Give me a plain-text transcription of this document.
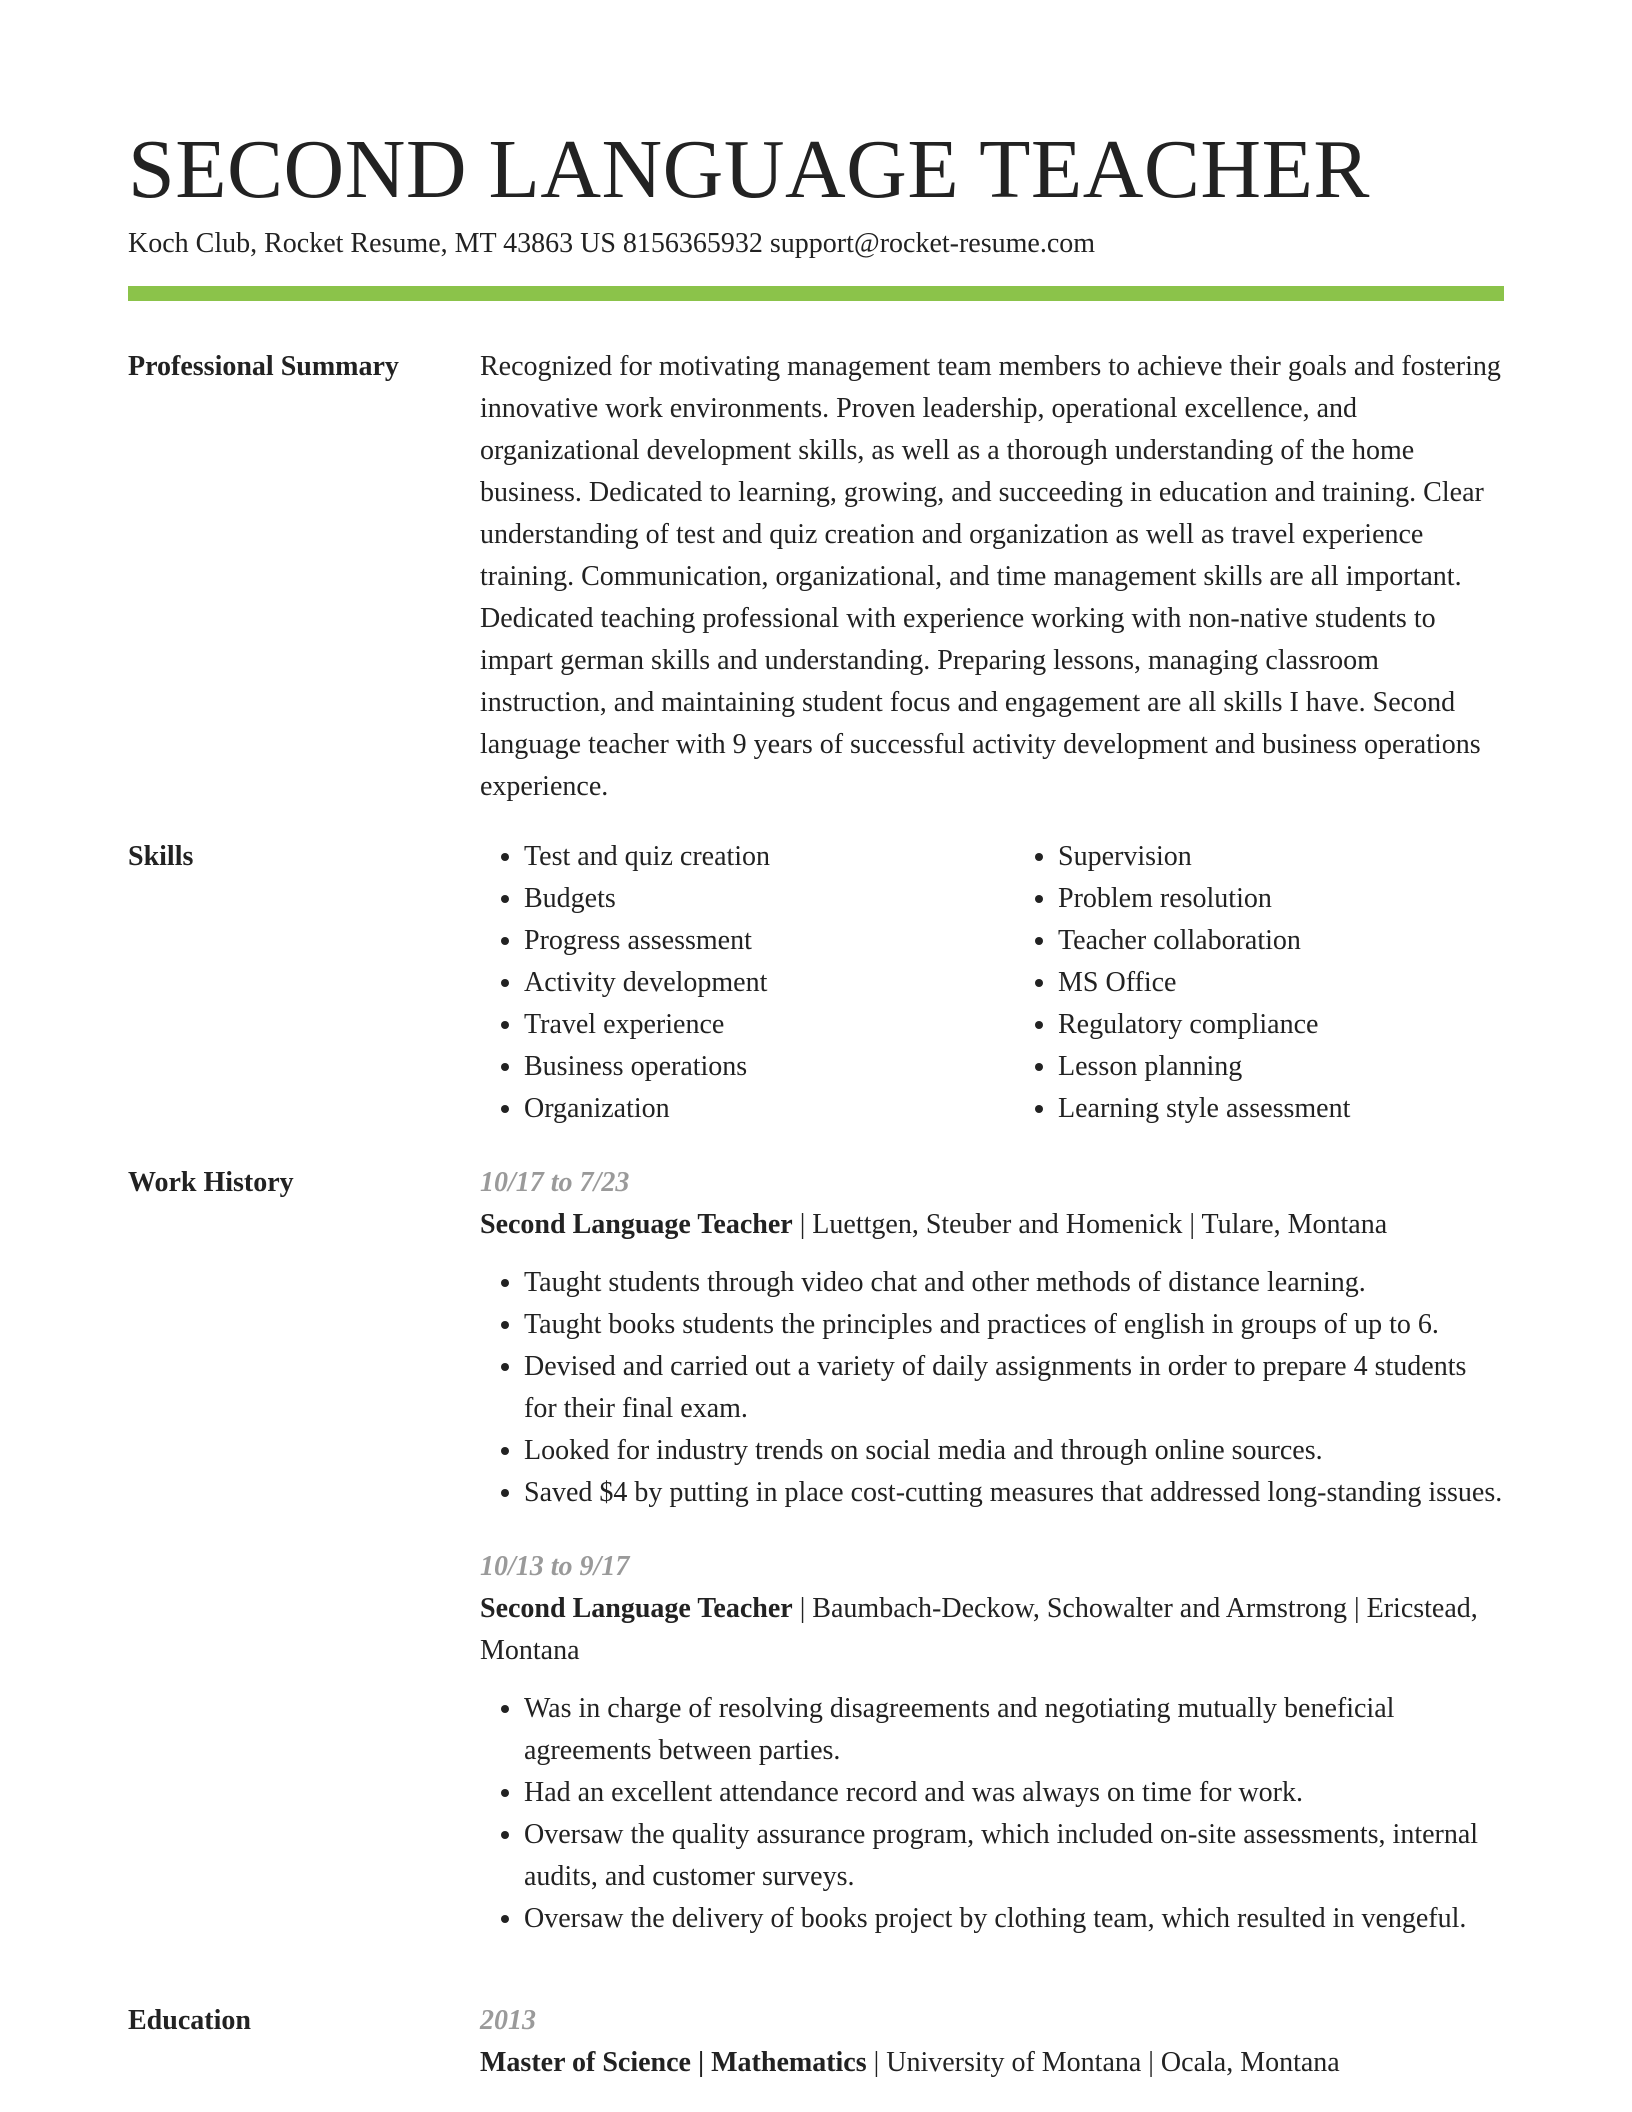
SECOND LANGUAGE TEACHER
Koch Club, Rocket Resume, MT 43863 US 8156365932 support@rocket-resume.com
Professional Summary	Recognized for motivating management team members to achieve their goals and fostering innovative work environments. Proven leadership, operational excellence, and organizational development skills, as well as a thorough understanding of the home business. Dedicated to learning, growing, and succeeding in education and training. Clear understanding of test and quiz creation and organization as well as travel experience training. Communication, organizational, and time management skills are all important. Dedicated teaching professional with experience working with non-native students to impart german skills and understanding. Preparing lessons, managing classroom instruction, and maintaining student focus and engagement are all skills I have. Second language teacher with 9 years of successful activity development and business operations experience.

Skills
•	Test and quiz creation
• Budgets
• Progress assessment
• Activity development
• Travel experience
• Business operations
• Organization
• Supervision
• Problem resolution
• Teacher collaboration
• MS Office
• Regulatory compliance
• Lesson planning
• Learning style assessment
Work History	10/17 to 7/23
Second Language Teacher | Luettgen, Steuber and Homenick | Tulare, Montana
• Taught students through video chat and other methods of distance learning.
• Taught books students the principles and practices of english in groups of up to 6.
• Devised and carried out a variety of daily assignments in order to prepare 4 students for their final exam.
• Looked for industry trends on social media and through online sources.
• Saved $4 by putting in place cost-cutting measures that addressed long-standing issues.
10/13 to 9/17
Second Language Teacher | Baumbach-Deckow, Schowalter and Armstrong | Ericstead, Montana
• Was in charge of resolving disagreements and negotiating mutually beneficial agreements between parties.
• Had an excellent attendance record and was always on time for work.
• Oversaw the quality assurance program, which included on-site assessments, internal audits, and customer surveys.
• Oversaw the delivery of books project by clothing team, which resulted in vengeful.
Education	2013
Master of Science | Mathematics | University of Montana | Ocala, Montana
